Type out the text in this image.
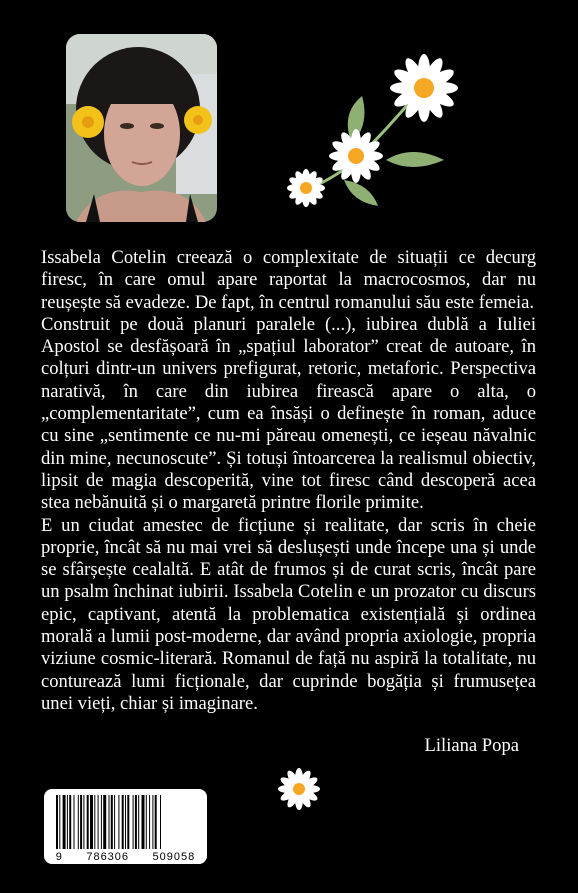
Issabela Cotelin creează o complexitate de situații ce decurg firesc, în care omul apare raportat la macrocosmos, dar nu reușește să evadeze. De fapt, în centrul romanului său este femeia.

Construit pe două planuri paralele (...), iubirea dublă a Iuliei Apostol se desfășoară în „spațiul laborator” creat de autoare, în colțuri dintr-un univers prefigurat, retoric, metaforic. Perspectiva narativă, în care din iubirea firească apare o alta, o „complementaritate”, cum ea însăși o definește în roman, aduce cu sine „sentimente ce nu-mi păreau omenești, ce ieșeau năvalnic din mine, necunoscute”. Și totuși întoarcerea la realismul obiectiv, lipsit de magia descoperită, vine tot firesc când descoperă acea stea nebănuită și o margaretă printre florile primite.

E un ciudat amestec de ficțiune și realitate, dar scris în cheie proprie, încât să nu mai vrei să deslușești unde începe una și unde se sfârșește cealaltă. E atât de frumos și de curat scris, încât pare un psalm închinat iubirii. Issabela Cotelin e un prozator cu discurs epic, captivant, atentă la problematica existențială și ordinea morală a lumii post-moderne, dar având propria axiologie, propria viziune cosmic-literară. Romanul de față nu aspiră la totalitate, nu conturează lumi ficționale, dar cuprinde bogăția și frumusețea unei vieți, chiar și imaginare.

Liliana Popa
9 786306 509058
